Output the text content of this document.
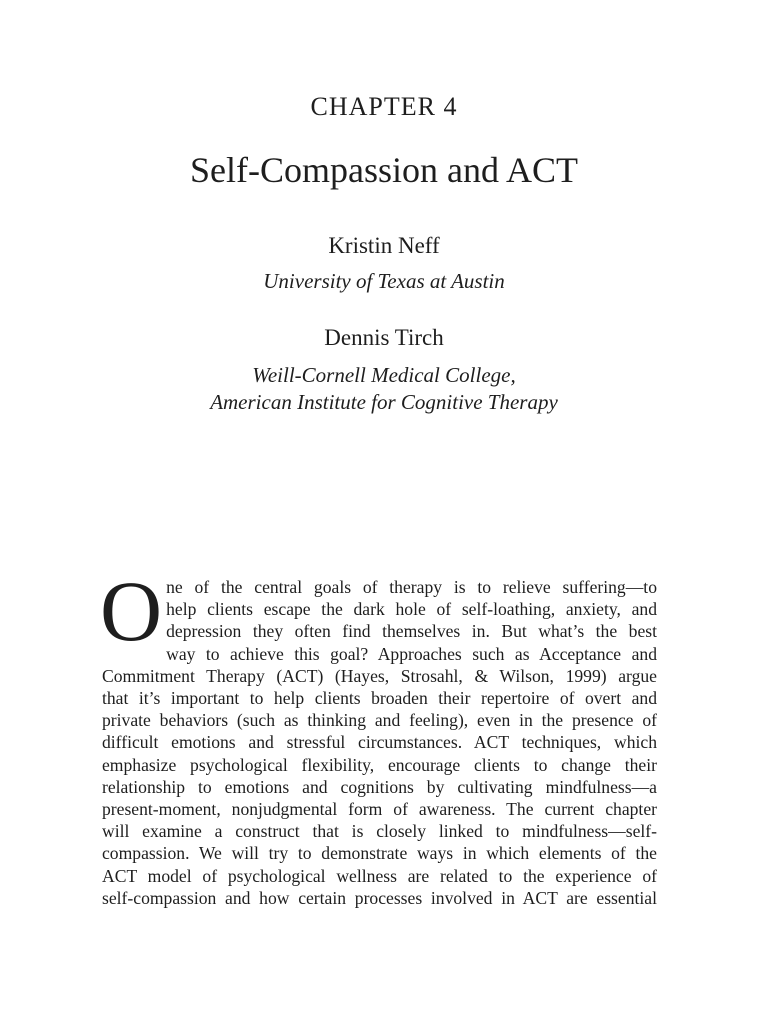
CHAPTER 4
Self-Compassion and ACT
Kristin Neff
University of Texas at Austin
Dennis Tirch
Weill-Cornell Medical College,
American Institute for Cognitive Therapy
O ne of the central goals of therapy is to relieve suffering—to
help clients escape the dark hole of self-loathing, anxiety, and
depression they often find themselves in. But what’s the best
way to achieve this goal? Approaches such as Acceptance and
Commitment Therapy (ACT) (Hayes, Strosahl, & Wilson, 1999) argue
that it’s important to help clients broaden their repertoire of overt and
private behaviors (such as thinking and feeling), even in the presence of
difficult emotions and stressful circumstances. ACT techniques, which
emphasize psychological flexibility, encourage clients to change their
relationship to emotions and cognitions by cultivating mindfulness—a
present-moment, nonjudgmental form of awareness. The current chapter
will examine a construct that is closely linked to mindfulness—self-
compassion. We will try to demonstrate ways in which elements of the
ACT model of psychological wellness are related to the experience of
self-compassion and how certain processes involved in ACT are essential
